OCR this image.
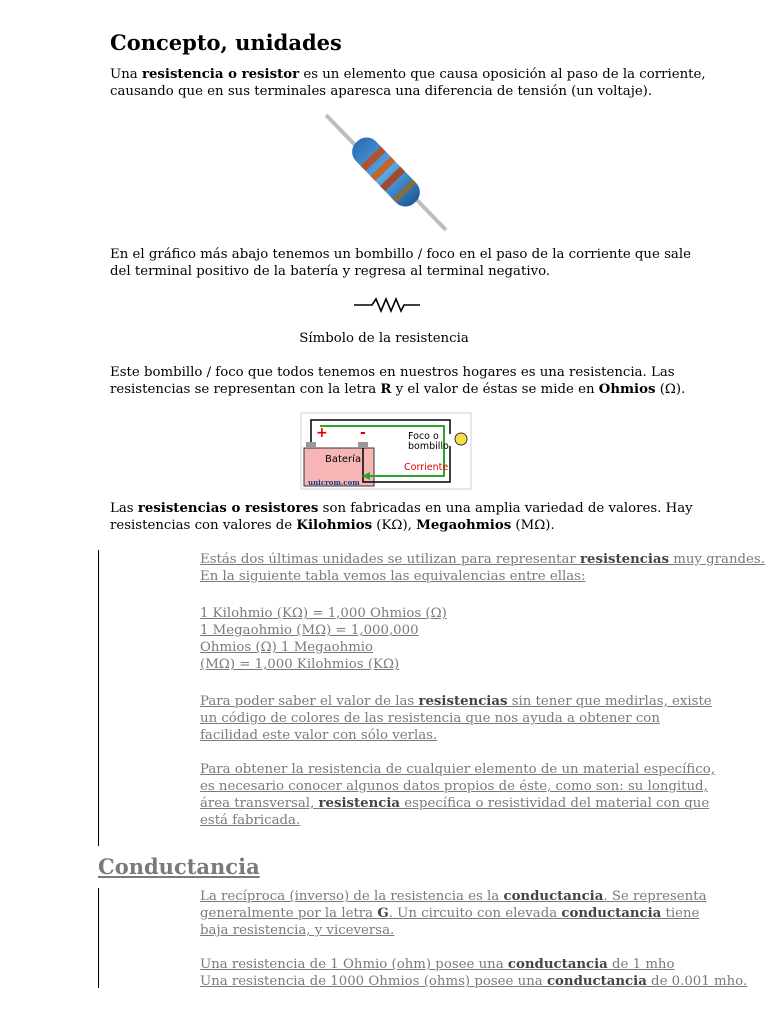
Concepto, unidades
Una resistencia o resistor es un elemento que causa oposición al paso de la corriente,
causando que en sus terminales aparesca una diferencia de tensión (un voltaje).
En el gráfico más abajo tenemos un bombillo / foco en el paso de la corriente que sale
del terminal positivo de la batería y regresa al terminal negativo.
Símbolo de la resistencia
Este bombillo / foco que todos tenemos en nuestros hogares es una resistencia. Las
resistencias se representan con la letra R y el valor de éstas se mide en Ohmios (Ω).
+ -
Batería
Foco o
bombillo
Corriente
unicrom.com
Las resistencias o resistores son fabricadas en una amplia variedad de valores. Hay
resistencias con valores de Kilohmios (KΩ), Megaohmios (MΩ).
Estás dos últimas unidades se utilizan para representar resistencias muy grandes.
En la siguiente tabla vemos las equivalencias entre ellas:
1 Kilohmio (KΩ) = 1,000 Ohmios (Ω)
1 Megaohmio (MΩ) = 1,000,000
Ohmios (Ω) 1 Megaohmio
(MΩ) = 1,000 Kilohmios (KΩ)
Para poder saber el valor de las resistencias sin tener que medirlas, existe
un código de colores de las resistencia que nos ayuda a obtener con
facilidad este valor con sólo verlas.
Para obtener la resistencia de cualquier elemento de un material específico,
es necesario conocer algunos datos propios de éste, como son: su longitud,
área transversal, resistencia específica o resistividad del material con que
está fabricada.
Conductancia
La recíproca (inverso) de la resistencia es la conductancia. Se representa
generalmente por la letra G. Un circuito con elevada conductancia tiene
baja resistencia, y viceversa.
Una resistencia de 1 Ohmio (ohm) posee una conductancia de 1 mho
Una resistencia de 1000 Ohmios (ohms) posee una conductancia de 0.001 mho.
